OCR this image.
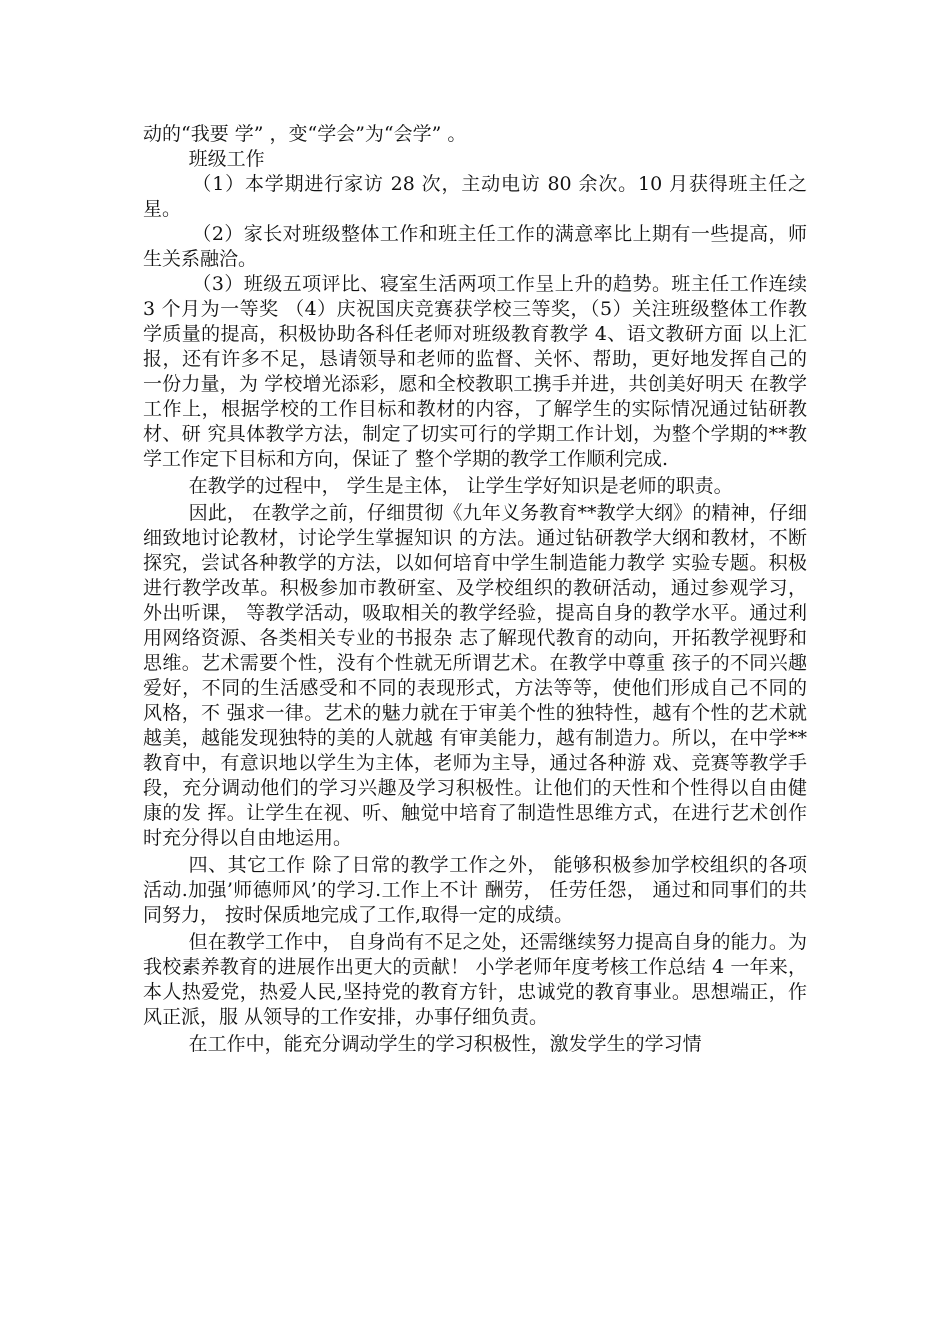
动的“我要 学” ，变“学会”为“会学” 。

班级工作

（1）本学期进行家访 28 次，主动电访 80 余次。10 月获得班主任之星。

（2）家长对班级整体工作和班主任工作的满意率比上期有一些提高，师生关系融洽。

（3）班级五项评比、寝室生活两项工作呈上升的趋势。班主任工作连续 3 个月为一等奖 （4）庆祝国庆竞赛获学校三等奖，（5）关注班级整体工作教学质量的提高，积极协助各科任老师对班级教育教学 4、语文教研方面 以上汇报，还有许多不足，恳请领导和老师的监督、关怀、帮助，更好地发挥自己的一份力量，为 学校增光添彩，愿和全校教职工携手并进，共创美好明天 在教学工作上，根据学校的工作目标和教材的内容，了解学生的实际情况通过钻研教材、研 究具体教学方法，制定了切实可行的学期工作计划，为整个学期的**教学工作定下目标和方向，保证了 整个学期的教学工作顺利完成.

在教学的过程中， 学生是主体， 让学生学好知识是老师的职责。

因此， 在教学之前，仔细贯彻《九年义务教育**教学大纲》的精神，仔细细致地讨论教材，讨论学生掌握知识 的方法。通过钻研教学大纲和教材，不断探究，尝试各种教学的方法，以如何培育中学生制造能力教学 实验专题。积极进行教学改革。积极参加市教研室、及学校组织的教研活动，通过参观学习，外出听课， 等教学活动，吸取相关的教学经验，提高自身的教学水平。通过利用网络资源、各类相关专业的书报杂 志了解现代教育的动向，开拓教学视野和思维。艺术需要个性，没有个性就无所谓艺术。在教学中尊重 孩子的不同兴趣爱好，不同的生活感受和不同的表现形式，方法等等，使他们形成自己不同的风格，不 强求一律。艺术的魅力就在于审美个性的独特性，越有个性的艺术就越美，越能发现独特的美的人就越 有审美能力，越有制造力。所以，在中学**教育中，有意识地以学生为主体，老师为主导，通过各种游 戏、竞赛等教学手段，充分调动他们的学习兴趣及学习积极性。让他们的天性和个性得以自由健康的发 挥。让学生在视、听、触觉中培育了制造性思维方式，在进行艺术创作时充分得以自由地运用。

四、其它工作 除了日常的教学工作之外， 能够积极参加学校组织的各项活动.加强’师德师风’的学习.工作上不计 酬劳， 任劳任怨， 通过和同事们的共同努力， 按时保质地完成了工作,取得一定的成绩。

但在教学工作中， 自身尚有不足之处，还需继续努力提高自身的能力。为我校素养教育的进展作出更大的贡献！ 小学老师年度考核工作总结 4 一年来，本人热爱党，热爱人民,坚持党的教育方针，忠诚党的教育事业。思想端正，作风正派，服 从领导的工作安排，办事仔细负责。

在工作中，能充分调动学生的学习积极性，激发学生的学习情
